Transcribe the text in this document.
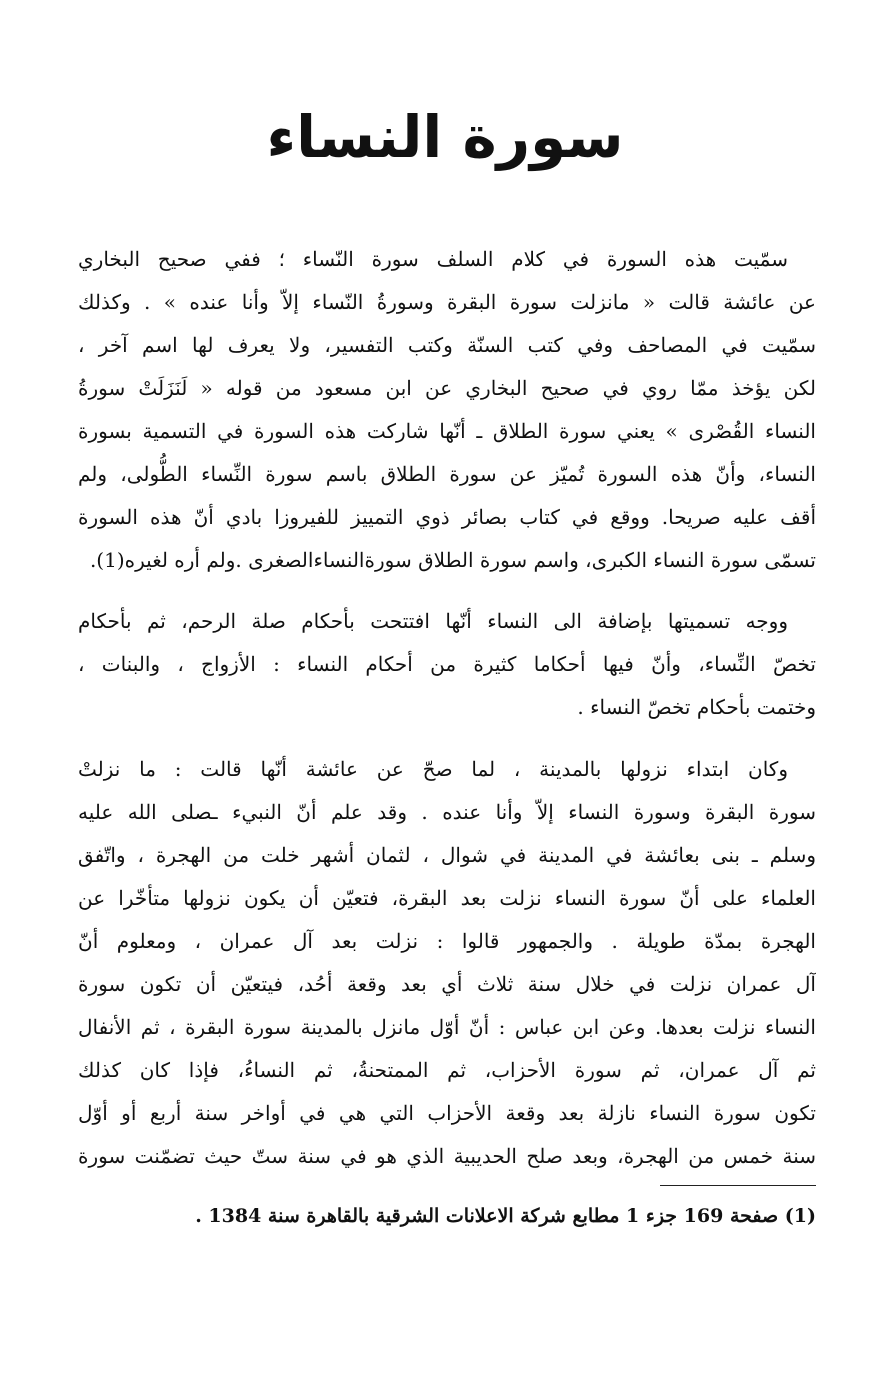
سورة النساء
سمّيت هذه السورة في كلام السلف سورة النّساء ؛ ففي صحيح البخاري
عن عائشة قالت « مانزلت سورة البقرة وسورةُ النّساء إلاّ وأنا عنده » . وكذلك
سمّيت في المصاحف وفي كتب السنّة وكتب التفسير، ولا يعرف لها اسم آخر ،
لكن يؤخذ ممّا روي في صحيح البخاري عن ابن مسعود من قوله « لَنَزَلَتْ سورةُ
النساء القُصْرى » يعني سورة الطلاق ـ أنّها شاركت هذه السورة في التسمية بسورة
النساء، وأنّ هذه السورة تُميّز عن سورة الطلاق باسم سورة النِّساء الطُّولى، ولم
أقف عليه صريحا. ووقع في كتاب بصائر ذوي التمييز للفيروزا بادي أنّ هذه السورة
تسمّى سورة النساء الكبرى، واسم سورة الطلاق سورةالنساءالصغرى .ولم أره لغيره(1).
ووجه تسميتها بإضافة الى النساء أنّها افتتحت بأحكام صلة الرحم، ثم بأحكام
تخصّ النِّساء، وأنّ فيها أحكاما كثيرة من أحكام النساء : الأزواج ، والبنات ،
وختمت بأحكام تخصّ النساء .
وكان ابتداء نزولها بالمدينة ، لما صحّ عن عائشة أنّها قالت : ما نزلتْ
سورة البقرة وسورة النساء إلاّ وأنا عنده . وقد علم أنّ النبيء ـصلى الله عليه
وسلم ـ بنى بعائشة في المدينة في شوال ، لثمان أشهر خلت من الهجرة ، واتّفق
العلماء على أنّ سورة النساء نزلت بعد البقرة، فتعيّن أن يكون نزولها متأخّرا عن
الهجرة بمدّة طويلة . والجمهور قالوا : نزلت بعد آل عمران ، ومعلوم أنّ
آل عمران نزلت في خلال سنة ثلاث أي بعد وقعة أحُد، فيتعيّن أن تكون سورة
النساء نزلت بعدها. وعن ابن عباس : أنّ أوّل مانزل بالمدينة سورة البقرة ، ثم الأنفال
ثم آل عمران، ثم سورة الأحزاب، ثم الممتحنةُ، ثم النساءُ، فإذا كان كذلك
تكون سورة النساء نازلة بعد وقعة الأحزاب التي هي في أواخر سنة أربع أو أوّل
سنة خمس من الهجرة، وبعد صلح الحديبية الذي هو في سنة ستّ حيث تضمّنت سورة
(1) صفحة 169 جزء 1 مطابع شركة الاعلانات الشرقية بالقاهرة سنة 1384 .
